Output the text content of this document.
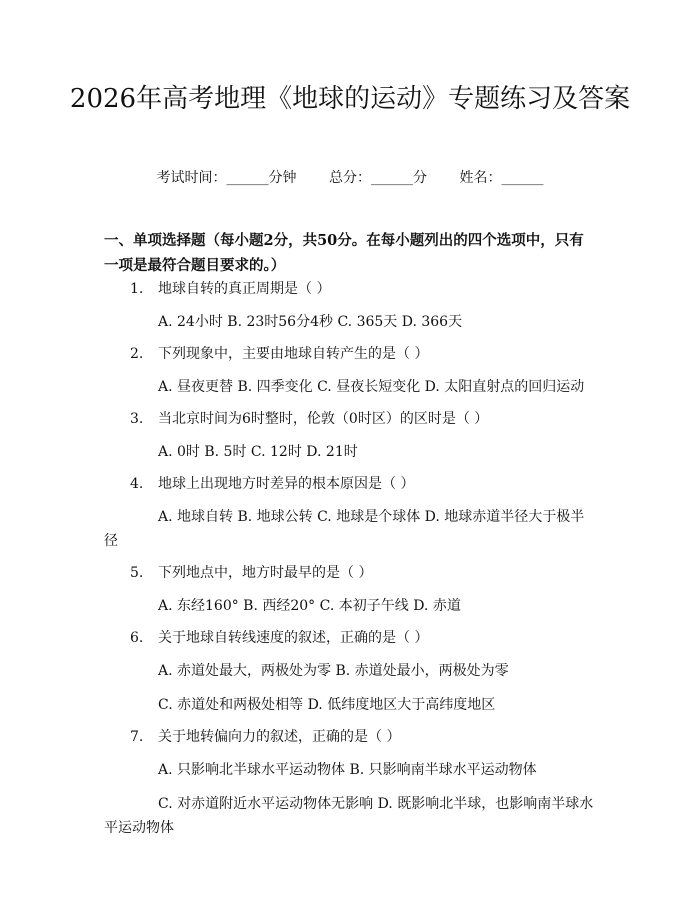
2026年高考地理《地球的运动》专题练习及答案
考试时间：______分钟 总分：______分 姓名：______

一、单项选择题（每小题2分，共50分。在每小题列出的四个选项中，只有一项是最符合题目要求的。）

1. 地球自转的真正周期是（ ）

A. 24小时 B. 23时56分4秒 C. 365天 D. 366天

2. 下列现象中，主要由地球自转产生的是（ ）

A. 昼夜更替 B. 四季变化 C. 昼夜长短变化 D. 太阳直射点的回归运动

3. 当北京时间为6时整时，伦敦（0时区）的区时是（ ）

A. 0时 B. 5时 C. 12时 D. 21时

4. 地球上出现地方时差异的根本原因是（ ）

A. 地球自转 B. 地球公转 C. 地球是个球体 D. 地球赤道半径大于极半径

5. 下列地点中，地方时最早的是（ ）

A. 东经160° B. 西经20° C. 本初子午线 D. 赤道

6. 关于地球自转线速度的叙述，正确的是（ ）

A. 赤道处最大，两极处为零 B. 赤道处最小，两极处为零

C. 赤道处和两极处相等 D. 低纬度地区大于高纬度地区

7. 关于地转偏向力的叙述，正确的是（ ）

A. 只影响北半球水平运动物体 B. 只影响南半球水平运动物体

C. 对赤道附近水平运动物体无影响 D. 既影响北半球，也影响南半球水平运动物体
